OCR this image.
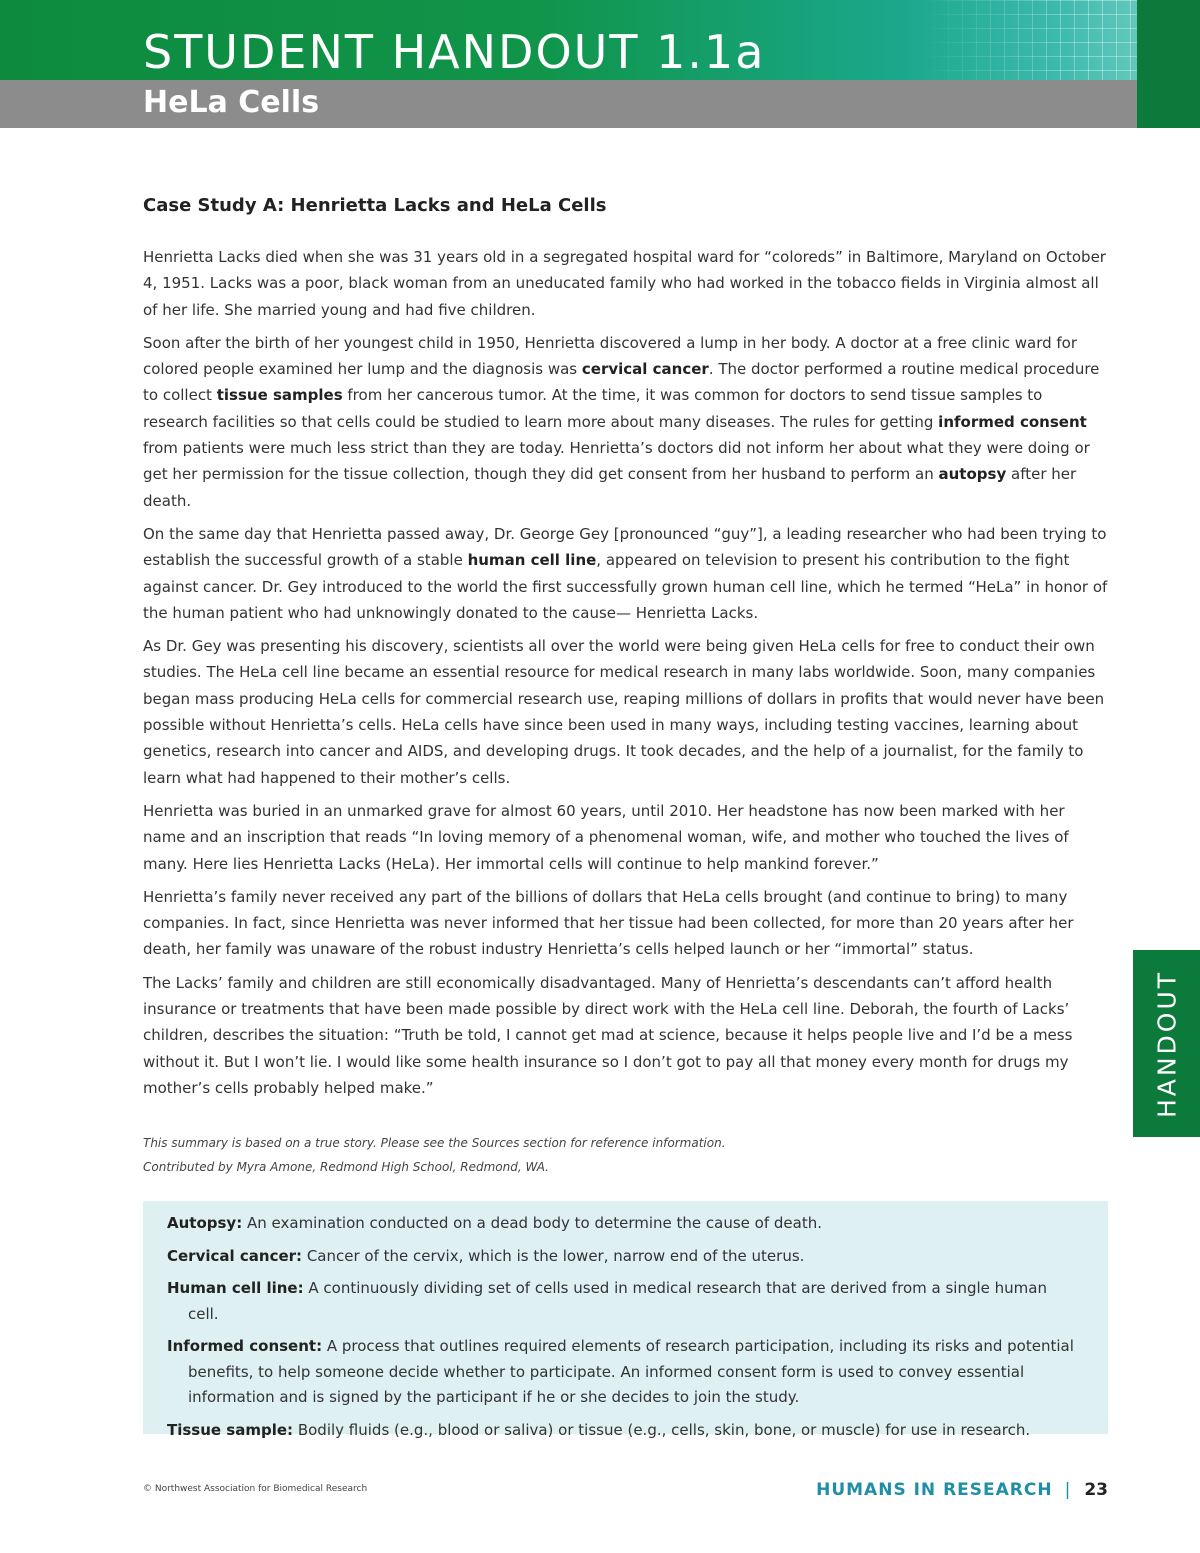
STUDENT HANDOUT 1.1a
HeLa Cells
HANDOUT
Case Study A: Henrietta Lacks and HeLa Cells

Henrietta Lacks died when she was 31 years old in a segregated hospital ward for “coloreds” in Baltimore, Maryland on October 4, 1951. Lacks was a poor, black woman from an uneducated family who had worked in the tobacco fields in Virginia almost all of her life. She married young and had five children.

Soon after the birth of her youngest child in 1950, Henrietta discovered a lump in her body. A doctor at a free clinic ward for colored people examined her lump and the diagnosis was cervical cancer. The doctor performed a routine medical procedure to collect tissue samples from her cancerous tumor. At the time, it was common for doctors to send tissue samples to research facilities so that cells could be studied to learn more about many diseases. The rules for getting informed consent from patients were much less strict than they are today. Henrietta’s doctors did not inform her about what they were doing or get her permission for the tissue collection, though they did get consent from her husband to perform an autopsy after her death.

On the same day that Henrietta passed away, Dr. George Gey [pronounced “guy”], a leading researcher who had been trying to establish the successful growth of a stable human cell line, appeared on television to present his contribution to the fight against cancer. Dr. Gey introduced to the world the first successfully grown human cell line, which he termed “HeLa” in honor of the human patient who had unknowingly donated to the cause— Henrietta Lacks.

As Dr. Gey was presenting his discovery, scientists all over the world were being given HeLa cells for free to conduct their own studies. The HeLa cell line became an essential resource for medical research in many labs worldwide. Soon, many companies began mass producing HeLa cells for commercial research use, reaping millions of dollars in profits that would never have been possible without Henrietta’s cells. HeLa cells have since been used in many ways, including testing vaccines, learning about genetics, research into cancer and AIDS, and developing drugs. It took decades, and the help of a journalist, for the family to learn what had happened to their mother’s cells.

Henrietta was buried in an unmarked grave for almost 60 years, until 2010. Her headstone has now been marked with her name and an inscription that reads “In loving memory of a phenomenal woman, wife, and mother who touched the lives of many. Here lies Henrietta Lacks (HeLa). Her immortal cells will continue to help mankind forever.”

Henrietta’s family never received any part of the billions of dollars that HeLa cells brought (and continue to bring) to many companies. In fact, since Henrietta was never informed that her tissue had been collected, for more than 20 years after her death, her family was unaware of the robust industry Henrietta’s cells helped launch or her “immortal” status.

The Lacks’ family and children are still economically disadvantaged. Many of Henrietta’s descendants can’t afford health insurance or treatments that have been made possible by direct work with the HeLa cell line. Deborah, the fourth of Lacks’ children, describes the situation: “Truth be told, I cannot get mad at science, because it helps people live and I’d be a mess without it. But I won’t lie. I would like some health insurance so I don’t got to pay all that money every month for drugs my mother’s cells probably helped make.”

This summary is based on a true story. Please see the Sources section for reference information.

Contributed by Myra Amone, Redmond High School, Redmond, WA.

Autopsy: An examination conducted on a dead body to determine the cause of death.

Cervical cancer: Cancer of the cervix, which is the lower, narrow end of the uterus.

Human cell line: A continuously dividing set of cells used in medical research that are derived from a single human cell.

Informed consent: A process that outlines required elements of research participation, including its risks and potential benefits, to help someone decide whether to participate. An informed consent form is used to convey essential information and is signed by the participant if he or she decides to join the study.

Tissue sample: Bodily fluids (e.g., blood or saliva) or tissue (e.g., cells, skin, bone, or muscle) for use in research.

© Northwest Association for Biomedical Research	HUMANS IN RESEARCH | 23
